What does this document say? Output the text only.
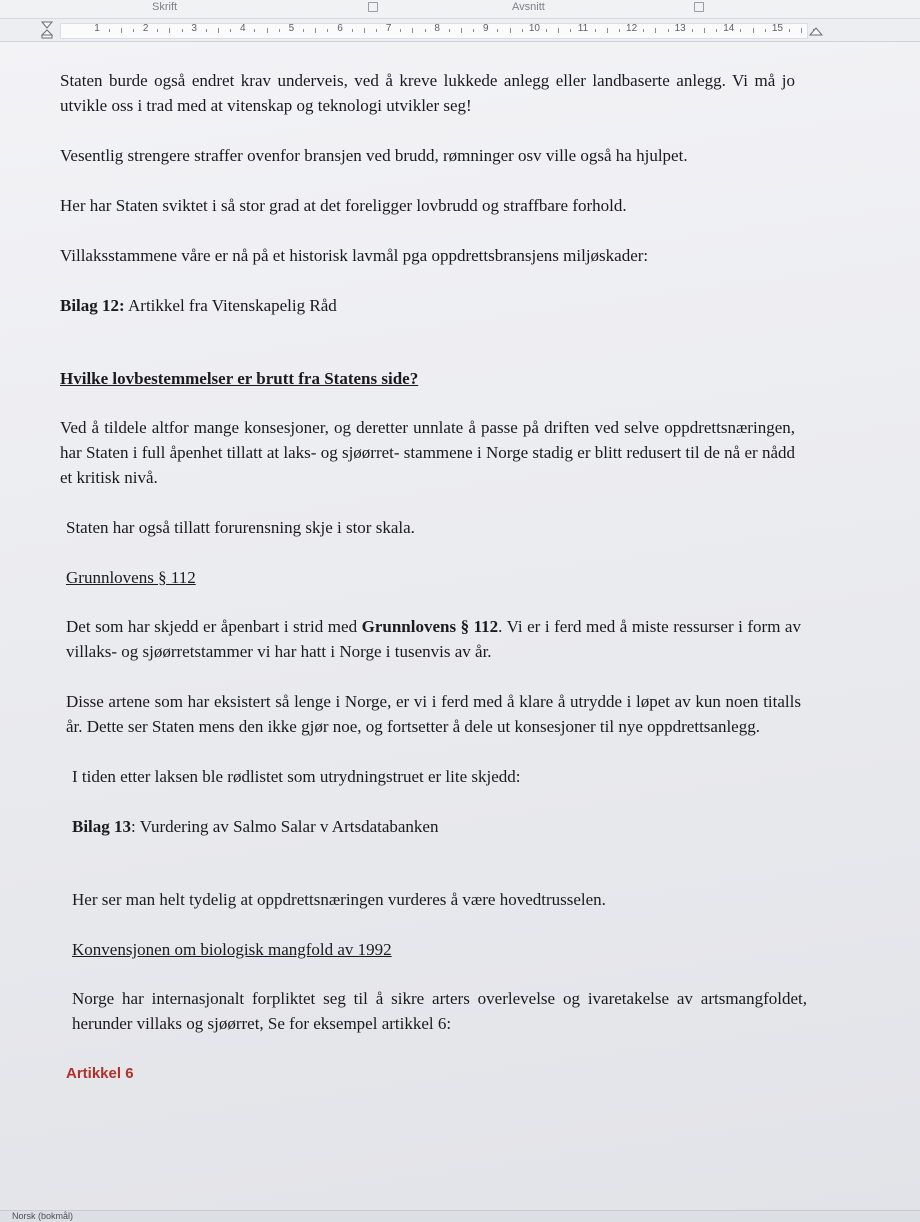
Skrift	Avsnitt
1	2	3	4	5	6	7	8	9	10	11	12	13	14	15

Staten burde også endret krav underveis, ved å kreve lukkede anlegg eller landbaserte anlegg. Vi må jo utvikle oss i trad med at vitenskap og teknologi utvikler seg!

Vesentlig strengere straffer ovenfor bransjen ved brudd, rømninger osv ville også ha hjulpet.

Her har Staten sviktet i så stor grad at det foreligger lovbrudd og straffbare forhold.

Villaksstammene våre er nå på et historisk lavmål pga oppdrettsbransjens miljøskader:

Bilag 12: Artikkel fra Vitenskapelig Råd

Hvilke lovbestemmelser er brutt fra Statens side?

Ved å tildele altfor mange konsesjoner, og deretter unnlate å passe på driften ved selve oppdrettsnæringen, har Staten i full åpenhet tillatt at laks- og sjøørret- stammene i Norge stadig er blitt redusert til de nå er nådd et kritisk nivå.

Staten har også tillatt forurensning skje i stor skala.

Grunnlovens § 112

Det som har skjedd er åpenbart i strid med Grunnlovens § 112. Vi er i ferd med å miste ressurser i form av villaks- og sjøørretstammer vi har hatt i Norge i tusenvis av år.

Disse artene som har eksistert så lenge i Norge, er vi i ferd med å klare å utrydde i løpet av kun noen titalls år. Dette ser Staten mens den ikke gjør noe, og fortsetter å dele ut konsesjoner til nye oppdrettsanlegg.

I tiden etter laksen ble rødlistet som utrydningstruet er lite skjedd:

Bilag 13: Vurdering av Salmo Salar v Artsdatabanken

Her ser man helt tydelig at oppdrettsnæringen vurderes å være hovedtrusselen.

Konvensjonen om biologisk mangfold av 1992

Norge har internasjonalt forpliktet seg til å sikre arters overlevelse og ivaretakelse av artsmangfoldet, herunder villaks og sjøørret, Se for eksempel artikkel 6:

Artikkel 6

Norsk (bokmål)
